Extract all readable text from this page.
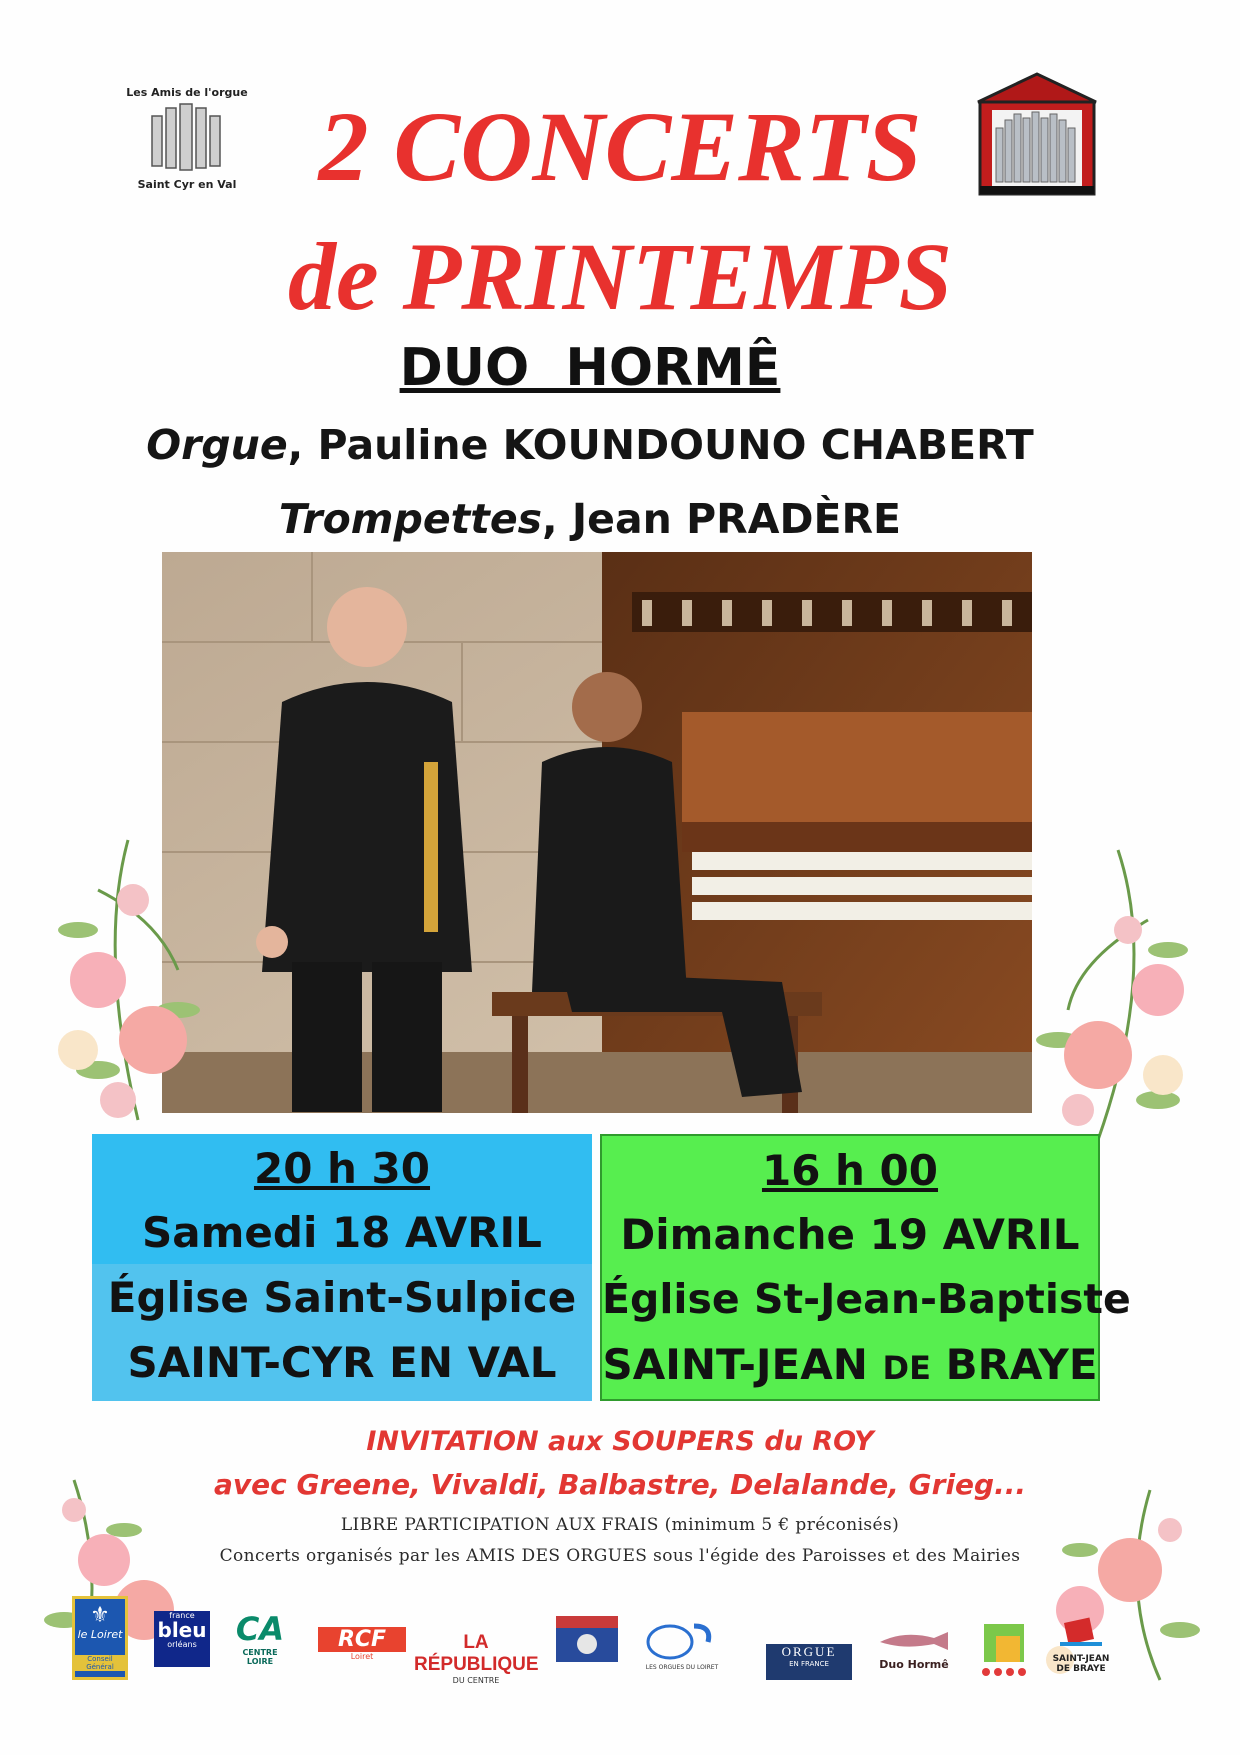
Les Amis de l'orgue
Saint Cyr en Val 2 CONCERTS
de PRINTEMPS
DUO  HORMÊ
Orgue, Pauline KOUNDOUNO CHABERT
Trompettes, Jean PRADÈRE
20 h 30
Samedi 18 AVRIL
Église Saint-Sulpice
SAINT-CYR EN VAL
16 h 00
Dimanche 19 AVRIL
Église St-Jean-Baptiste
SAINT-JEAN DE BRAYE
INVITATION aux SOUPERS du ROY
avec Greene, Vivaldi, Balbastre, Delalande, Grieg...
LIBRE PARTICIPATION AUX FRAIS (minimum 5 € préconisés)
Concerts organisés par les AMIS DES ORGUES sous l'égide des Paroisses et des Mairies
⚜
le Loiret
Conseil Général
france
bleu
orléans	CA
CENTRE LOIRE
RCF
Loiret
LA RÉPUBLIQUE
DU CENTRE
LES ORGUES DU LOIRET
ORGUE
EN FRANCE	Duo Hormê	SAINT-JEAN
DE BRAYE
